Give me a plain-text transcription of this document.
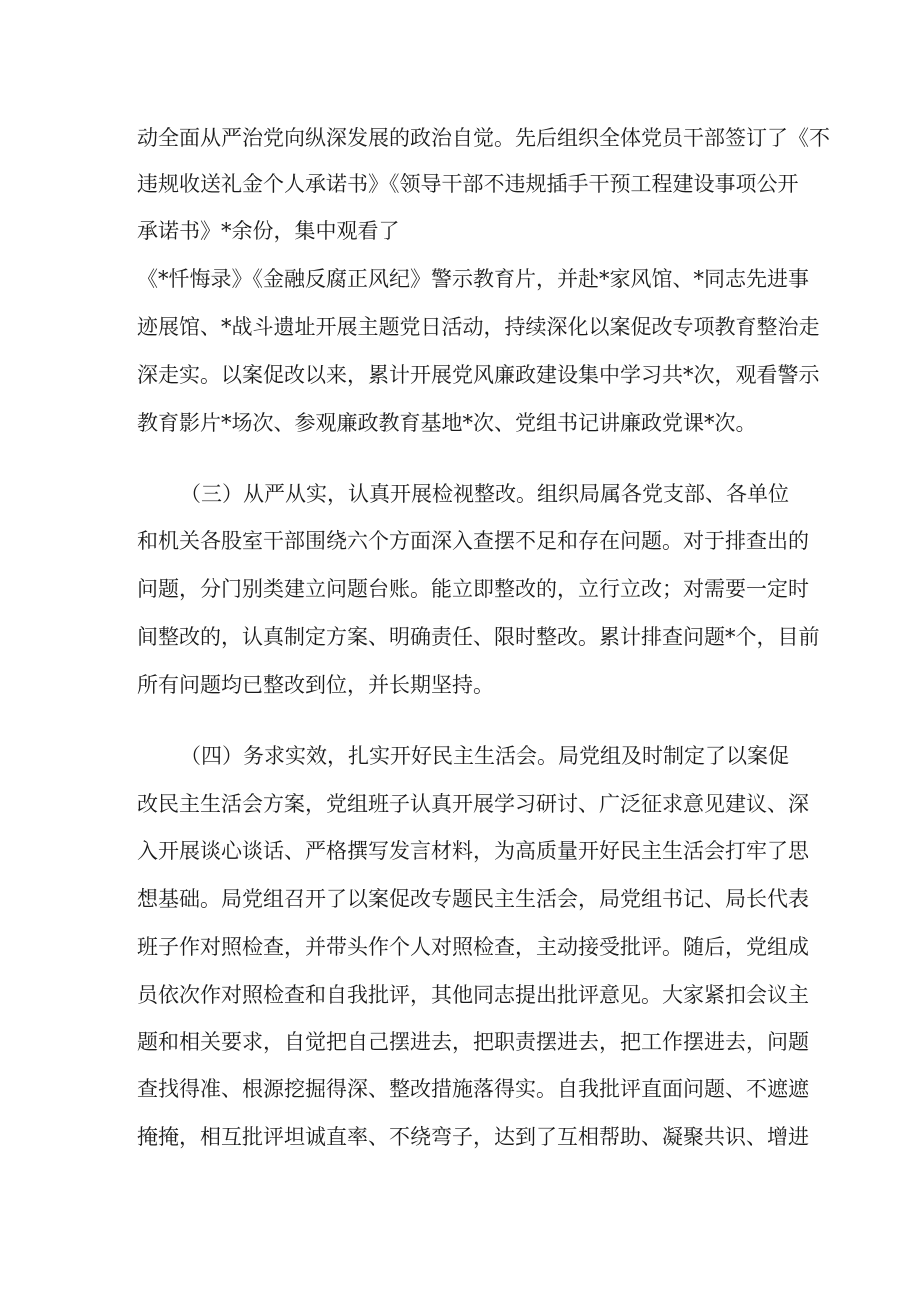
动全面从严治党向纵深发展的政治自觉。先后组织全体党员干部签订了《不
违规收送礼金个人承诺书》《领导干部不违规插手干预工程建设事项公开
承诺书》*余份，集中观看了
《*忏悔录》《金融反腐正风纪》警示教育片，并赴*家风馆、*同志先进事
迹展馆、*战斗遗址开展主题党日活动，持续深化以案促改专项教育整治走
深走实。以案促改以来，累计开展党风廉政建设集中学习共*次，观看警示
教育影片*场次、参观廉政教育基地*次、党组书记讲廉政党课*次。
（三）从严从实，认真开展检视整改。组织局属各党支部、各单位
和机关各股室干部围绕六个方面深入查摆不足和存在问题。对于排查出的
问题，分门别类建立问题台账。能立即整改的，立行立改；对需要一定时
间整改的，认真制定方案、明确责任、限时整改。累计排查问题*个，目前
所有问题均已整改到位，并长期坚持。
（四）务求实效，扎实开好民主生活会。局党组及时制定了以案促
改民主生活会方案，党组班子认真开展学习研讨、广泛征求意见建议、深
入开展谈心谈话、严格撰写发言材料，为高质量开好民主生活会打牢了思
想基础。局党组召开了以案促改专题民主生活会，局党组书记、局长代表
班子作对照检查，并带头作个人对照检查，主动接受批评。随后，党组成
员依次作对照检查和自我批评，其他同志提出批评意见。大家紧扣会议主
题和相关要求，自觉把自己摆进去，把职责摆进去，把工作摆进去，问题
查找得准、根源挖掘得深、整改措施落得实。自我批评直面问题、不遮遮
掩掩，相互批评坦诚直率、不绕弯子，达到了互相帮助、凝聚共识、增进
